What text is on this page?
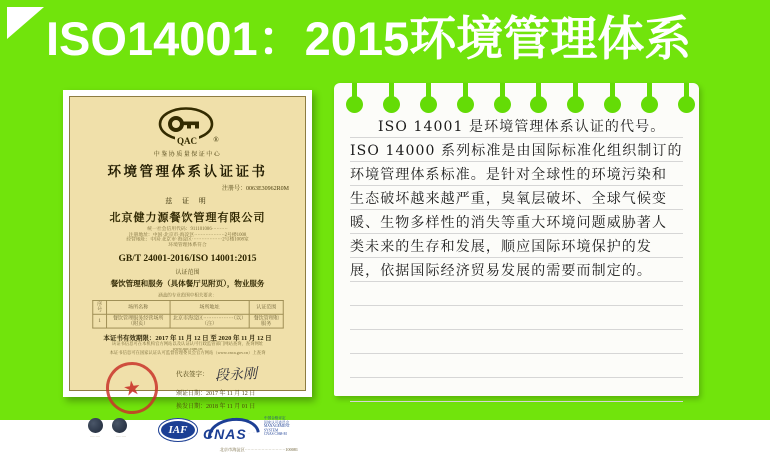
ISO14001：2015环境管理体系
QAC ®
中鉴协质量保证中心
环境管理体系认证证书
注册号：0063E30962R0M
兹 证 明
北京健力源餐饮管理有限公司
统一社会信用代码：911101086··········
注册地址：中国·北京市·海淀区···················2号楼1008
经营地址：中国·北京市·海淀区···················2号楼1008室
环境管理体系符合
GB/T 24001-2016/ISO 14001:2015
认证范围
餐饮管理和服务（具体餐厅见附页），物业服务
涵盖的专业范围中相关要求：
序号	场所名称	场所地址	认证范围
1	餐饮管理服务经营场所（附页）	北京市海淀区··················（以）（注）	餐饮管理和服务
本证书有效期限：2017 年 11 月 12 日 至 2020 年 11 月 12 日
该证书信息可在本机构官方网站以及认证认可行政监管部门网站查询，查询网址 www.qac.com.cn
本证书信息可在国家认证认可监督管理委员会官方网站（www.cnca.gov.cn）上查询
★
代表签字： 段永刚
颁证日期：2017 年 11 月 12 日
换发日期：2018 年 11 月 01 日
·········	·········
IAF	CNAS
中国合格评定
国家认可委员会
MANAGEMENT SYSTEM
CNAS C068-M
北京市海淀区·····························100081
ISO 14001 是环境管理体系认证的代号。
ISO 14000 系列标准是由国际标准化组织制订的
环境管理体系标准。是针对全球性的环境污染和
生态破坏越来越严重，臭氧层破坏、全球气候变
暖、生物多样性的消失等重大环境问题威胁著人
类未来的生存和发展，顺应国际环境保护的发
展，依据国际经济贸易发展的需要而制定的。
